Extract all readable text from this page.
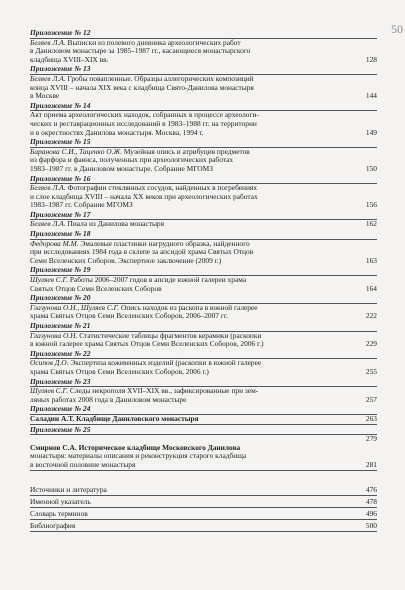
50
Приложение № 12
Беляев Л.А. Выписки из полевого дневника археологических работ
в Даниловом монастыре за 1985–1987 гг., касающиеся монастырского
кладбища XVIII–XIX вв.	128
Приложение № 13
Беляев Л.А. Гробы повапленные. Образцы аллегорических композиций
конца XVIII – начала XIX века с кладбища Свято-Данилова монастыря
в Москве	144
Приложение № 14
Акт приема археологических находок, собранных в процессе археологи-
ческих и реставрационных исследований в 1983–1988 гг. на территории
и в окрестностях Данилова монастыря. Москва, 1994 г.	149
Приложение № 15
Баранова С.И., Таценко О.Ж. Музейная опись и атрибуция предметов
из фарфора и фаянса, полученных при археологических работах
1983–1987 гг. в Даниловом монастыре. Собрание МГОМЗ	150
Приложение № 16
Беляев Л.А. Фотографии стеклянных сосудов, найденных в погребениях
и слое кладбища XVIII – начала XX веков при археологических работах
1983–1987 гг. Собрание МГОМЗ	156
Приложение № 17
Беляев Л.А. Пиала из Данилова монастыря	162
Приложение № 18
Федорова М.М. Эмалевые пластинки нагрудного образка, найденного
при исследованиях 1984 года в склепе за апсидой храма Святых Отцов
Семи Вселенских Соборов. Экспертное заключение (2009 г.)	163
Приложение № 19
Шуляев С.Г. Работы 2006–2007 годов в апсиде южной галереи храма
Святых Отцов Семи Вселенских Соборов	164
Приложение № 20
Глазунова О.Н., Шуляев С.Г. Опись находок из раскопа в южной галерее
храма Святых Отцов Семи Вселенских Соборов, 2006–2007 гг.	222
Приложение № 21
Глазунова О.Н. Статистические таблицы фрагментов керамики (раскопки
в южной галерее храма Святых Отцов Семи Вселенских Соборов, 2006 г.)	229
Приложение № 22
Осипов Д.О. Экспертиза кожевенных изделий (раскопки в южной галерее
храма Святых Отцов Семи Вселенских Соборов, 2006 г.)	255
Приложение № 23
Шуляев С.Г. Следы некрополя XVII–XIX вв., зафиксированные при зем-
ляных работах 2008 года в Даниловом монастыре	257
Приложение № 24
Саладин А.Т. Кладбище Даниловского монастыря	263
Приложение № 25
279
Смирнов С.А. Историческое кладбище Московского Данилова
монастыря: материалы описания и реконструкция старого кладбища
в восточной половине монастыря	281
Источники и литература	476
Именной указатель	478
Словарь терминов	496
Библиография	500
